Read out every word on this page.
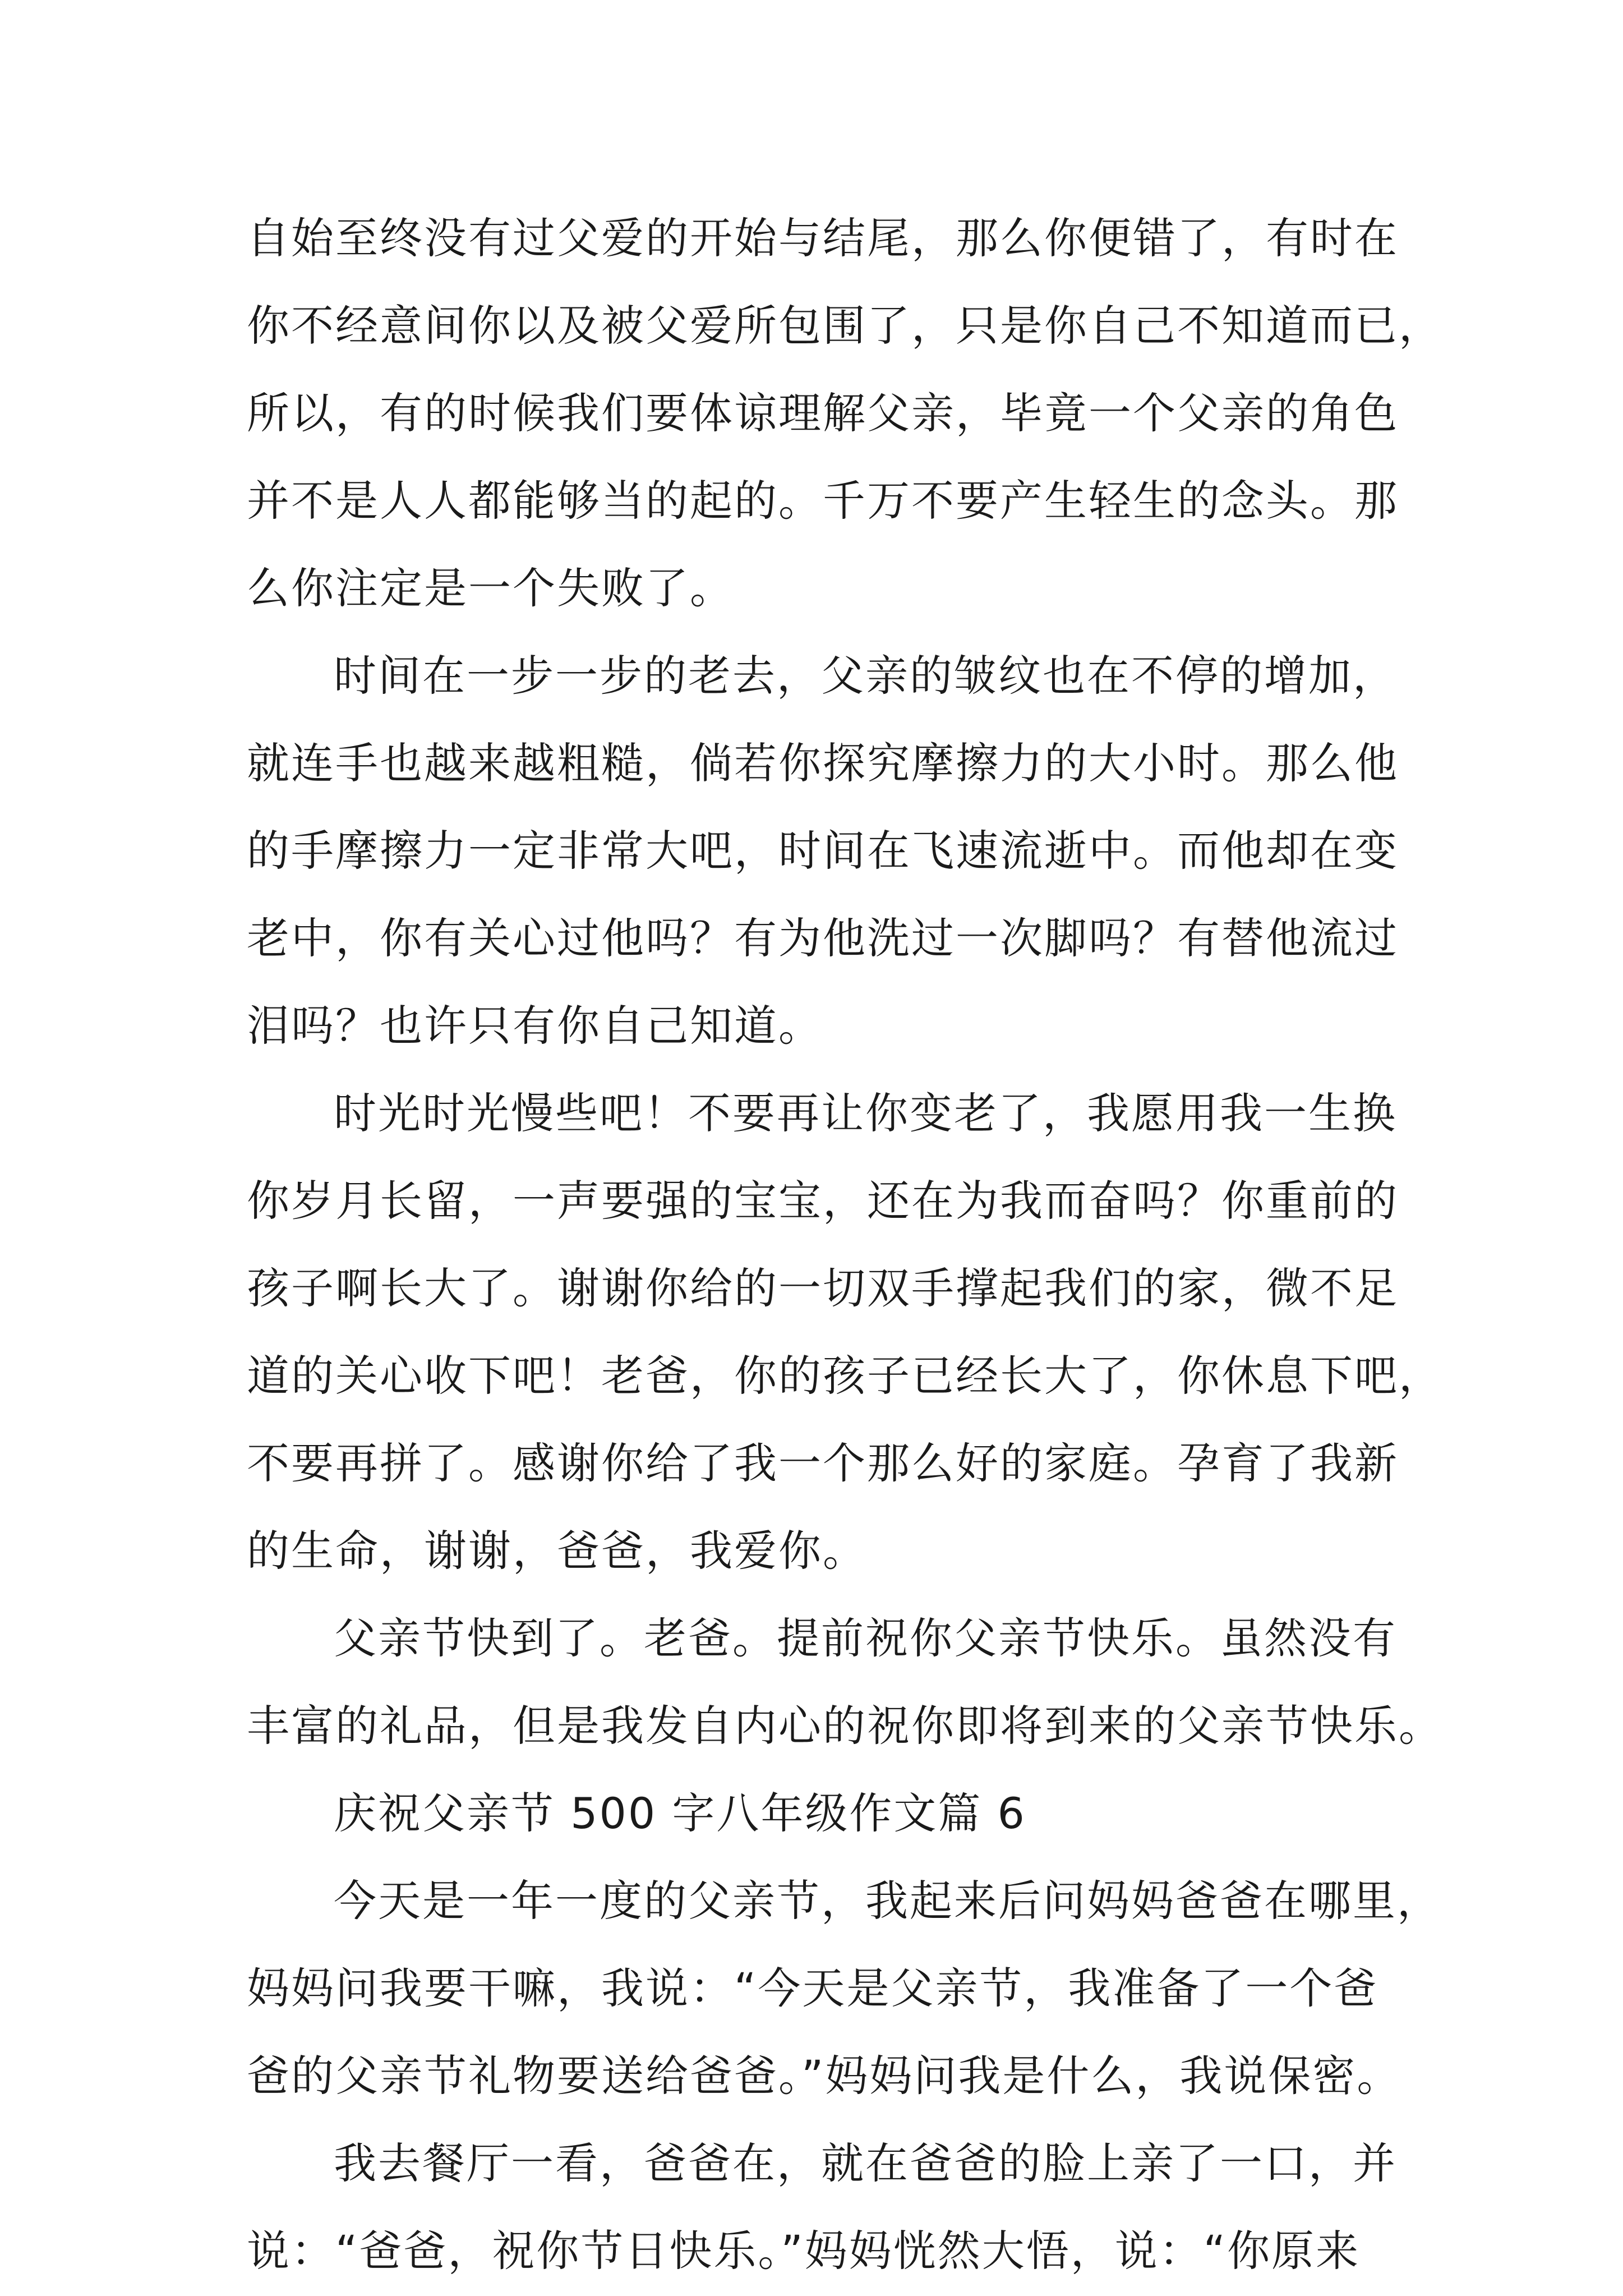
自始至终没有过父爱的开始与结尾，那么你便错了，有时在
你不经意间你以及被父爱所包围了，只是你自己不知道而已，
所以，有的时候我们要体谅理解父亲，毕竟一个父亲的角色
并不是人人都能够当的起的。千万不要产生轻生的念头。那
么你注定是一个失败了。
时间在一步一步的老去，父亲的皱纹也在不停的增加，
就连手也越来越粗糙，倘若你探究摩擦力的大小时。那么他
的手摩擦力一定非常大吧，时间在飞速流逝中。而他却在变
老中，你有关心过他吗？有为他洗过一次脚吗？有替他流过
泪吗？也许只有你自己知道。
时光时光慢些吧！不要再让你变老了，我愿用我一生换
你岁月长留，一声要强的宝宝，还在为我而奋吗？你重前的
孩子啊长大了。谢谢你给的一切双手撑起我们的家，微不足
道的关心收下吧！老爸，你的孩子已经长大了，你休息下吧，
不要再拼了。感谢你给了我一个那么好的家庭。孕育了我新
的生命，谢谢，爸爸，我爱你。
父亲节快到了。老爸。提前祝你父亲节快乐。虽然没有
丰富的礼品，但是我发自内心的祝你即将到来的父亲节快乐。
庆祝父亲节 500 字八年级作文篇 6
今天是一年一度的父亲节，我起来后问妈妈爸爸在哪里，
妈妈问我要干嘛，我说：“今天是父亲节，我准备了一个爸
爸的父亲节礼物要送给爸爸。”妈妈问我是什么，我说保密。
我去餐厅一看，爸爸在，就在爸爸的脸上亲了一口，并
说：“爸爸，祝你节日快乐。”妈妈恍然大悟，说：“你原来
